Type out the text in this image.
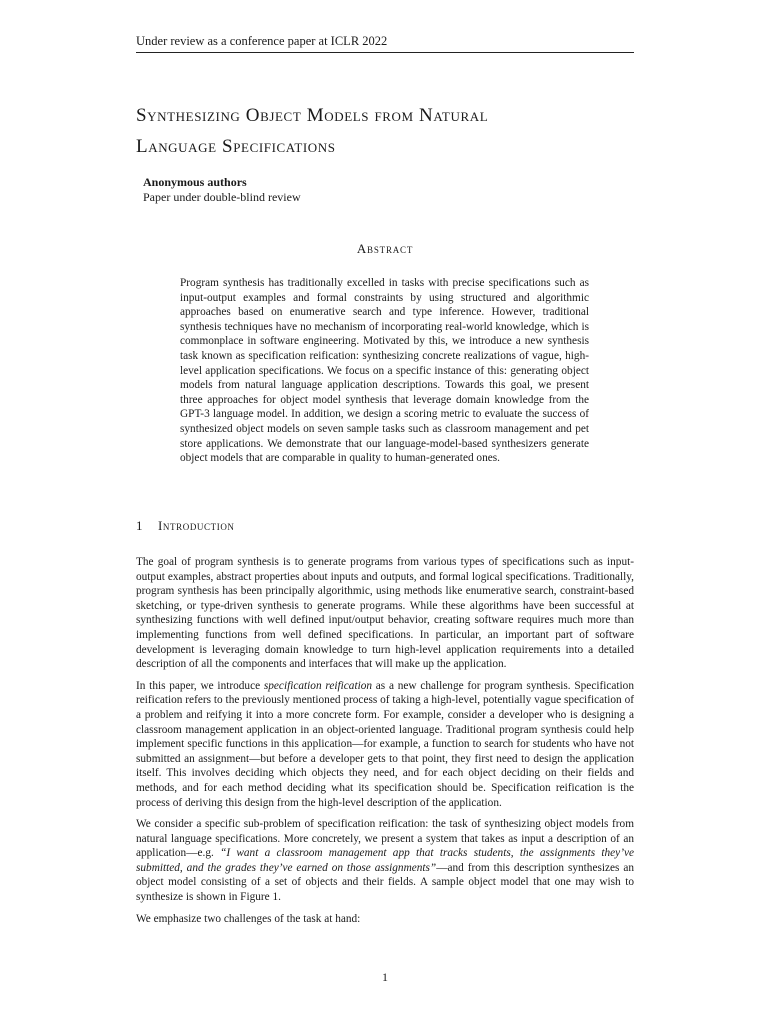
Under review as a conference paper at ICLR 2022
Synthesizing Object Models from Natural
Language Specifications
Anonymous authors
Paper under double-blind review
Abstract

Program synthesis has traditionally excelled in tasks with precise specifications such as input-output examples and formal constraints by using structured and algorithmic approaches based on enumerative search and type inference. However, traditional synthesis techniques have no mechanism of incorporating real-world knowledge, which is commonplace in software engineering. Motivated by this, we introduce a new synthesis task known as specification reification: synthesizing concrete realizations of vague, high-level application specifications. We focus on a specific instance of this: generating object models from natural language application descriptions. Towards this goal, we present three approaches for object model synthesis that leverage domain knowledge from the GPT-3 language model. In addition, we design a scoring metric to evaluate the success of synthesized object models on seven sample tasks such as classroom management and pet store applications. We demonstrate that our language-model-based synthesizers generate object models that are comparable in quality to human-generated ones.

1 Introduction

The goal of program synthesis is to generate programs from various types of specifications such as input-output examples, abstract properties about inputs and outputs, and formal logical specifications. Traditionally, program synthesis has been principally algorithmic, using methods like enumerative search, constraint-based sketching, or type-driven synthesis to generate programs. While these algorithms have been successful at synthesizing functions with well defined input/output behavior, creating software requires much more than implementing functions from well defined specifications. In particular, an important part of software development is leveraging domain knowledge to turn high-level application requirements into a detailed description of all the components and interfaces that will make up the application.

In this paper, we introduce specification reification as a new challenge for program synthesis. Specification reification refers to the previously mentioned process of taking a high-level, potentially vague specification of a problem and reifying it into a more concrete form. For example, consider a developer who is designing a classroom management application in an object-oriented language. Traditional program synthesis could help implement specific functions in this application—for example, a function to search for students who have not submitted an assignment—but before a developer gets to that point, they first need to design the application itself. This involves deciding which objects they need, and for each object deciding on their fields and methods, and for each method deciding what its specification should be. Specification reification is the process of deriving this design from the high-level description of the application.

We consider a specific sub-problem of specification reification: the task of synthesizing object models from natural language specifications. More concretely, we present a system that takes as input a description of an application—e.g. “I want a classroom management app that tracks students, the assignments they’ve submitted, and the grades they’ve earned on those assignments”—and from this description synthesizes an object model consisting of a set of objects and their fields. A sample object model that one may wish to synthesize is shown in Figure 1.

We emphasize two challenges of the task at hand:

1
